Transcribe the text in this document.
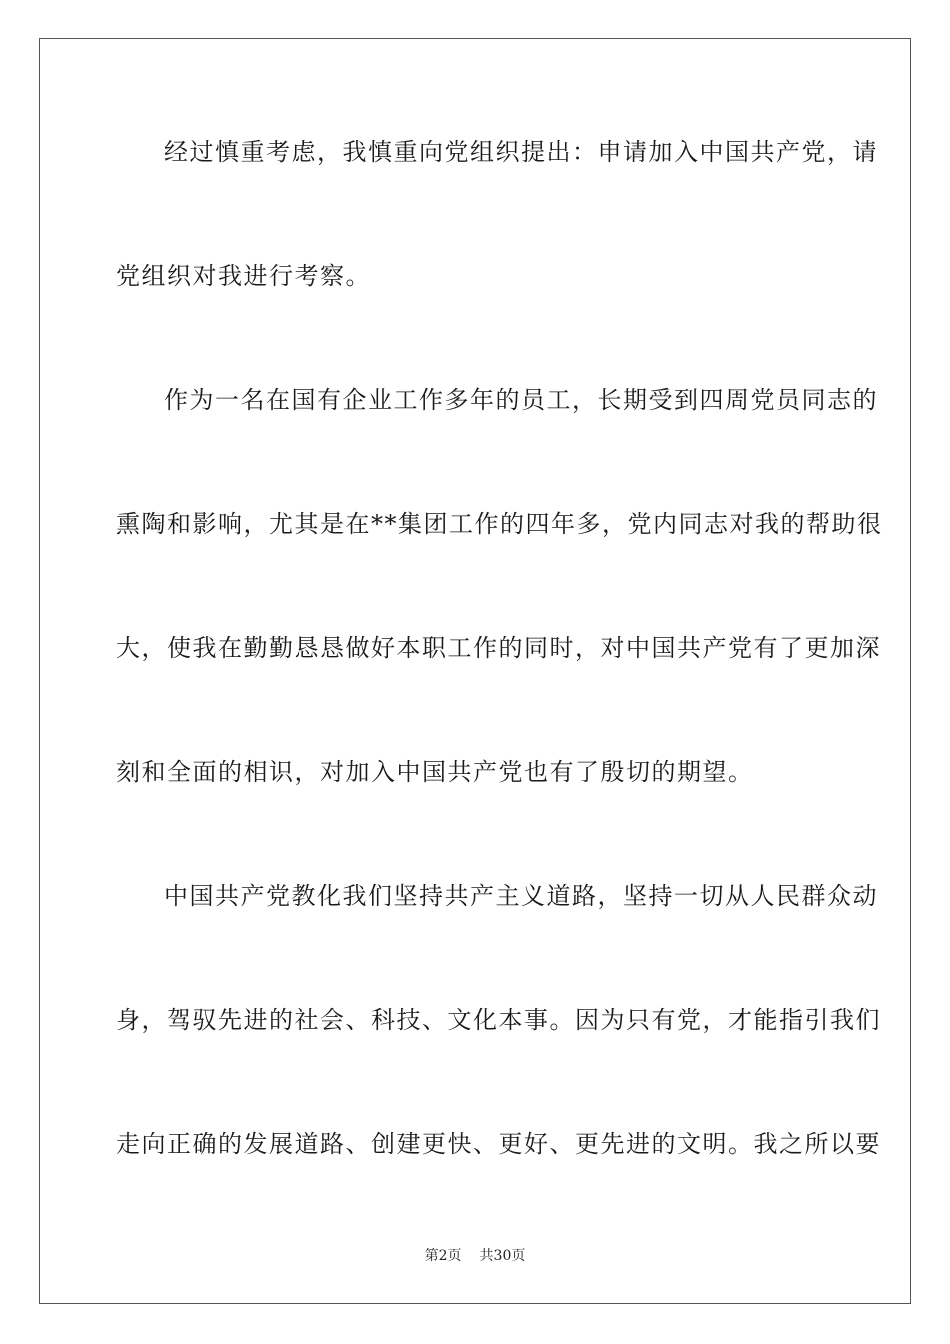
经过慎重考虑，我慎重向党组织提出：申请加入中国共产党，请

党组织对我进行考察。

作为一名在国有企业工作多年的员工，长期受到四周党员同志的

熏陶和影响，尤其是在**集团工作的四年多，党内同志对我的帮助很

大，使我在勤勤恳恳做好本职工作的同时，对中国共产党有了更加深

刻和全面的相识，对加入中国共产党也有了殷切的期望。

中国共产党教化我们坚持共产主义道路，坚持一切从人民群众动

身，驾驭先进的社会、科技、文化本事。因为只有党，才能指引我们

走向正确的发展道路、创建更快、更好、更先进的文明。我之所以要

第2页 共30页
